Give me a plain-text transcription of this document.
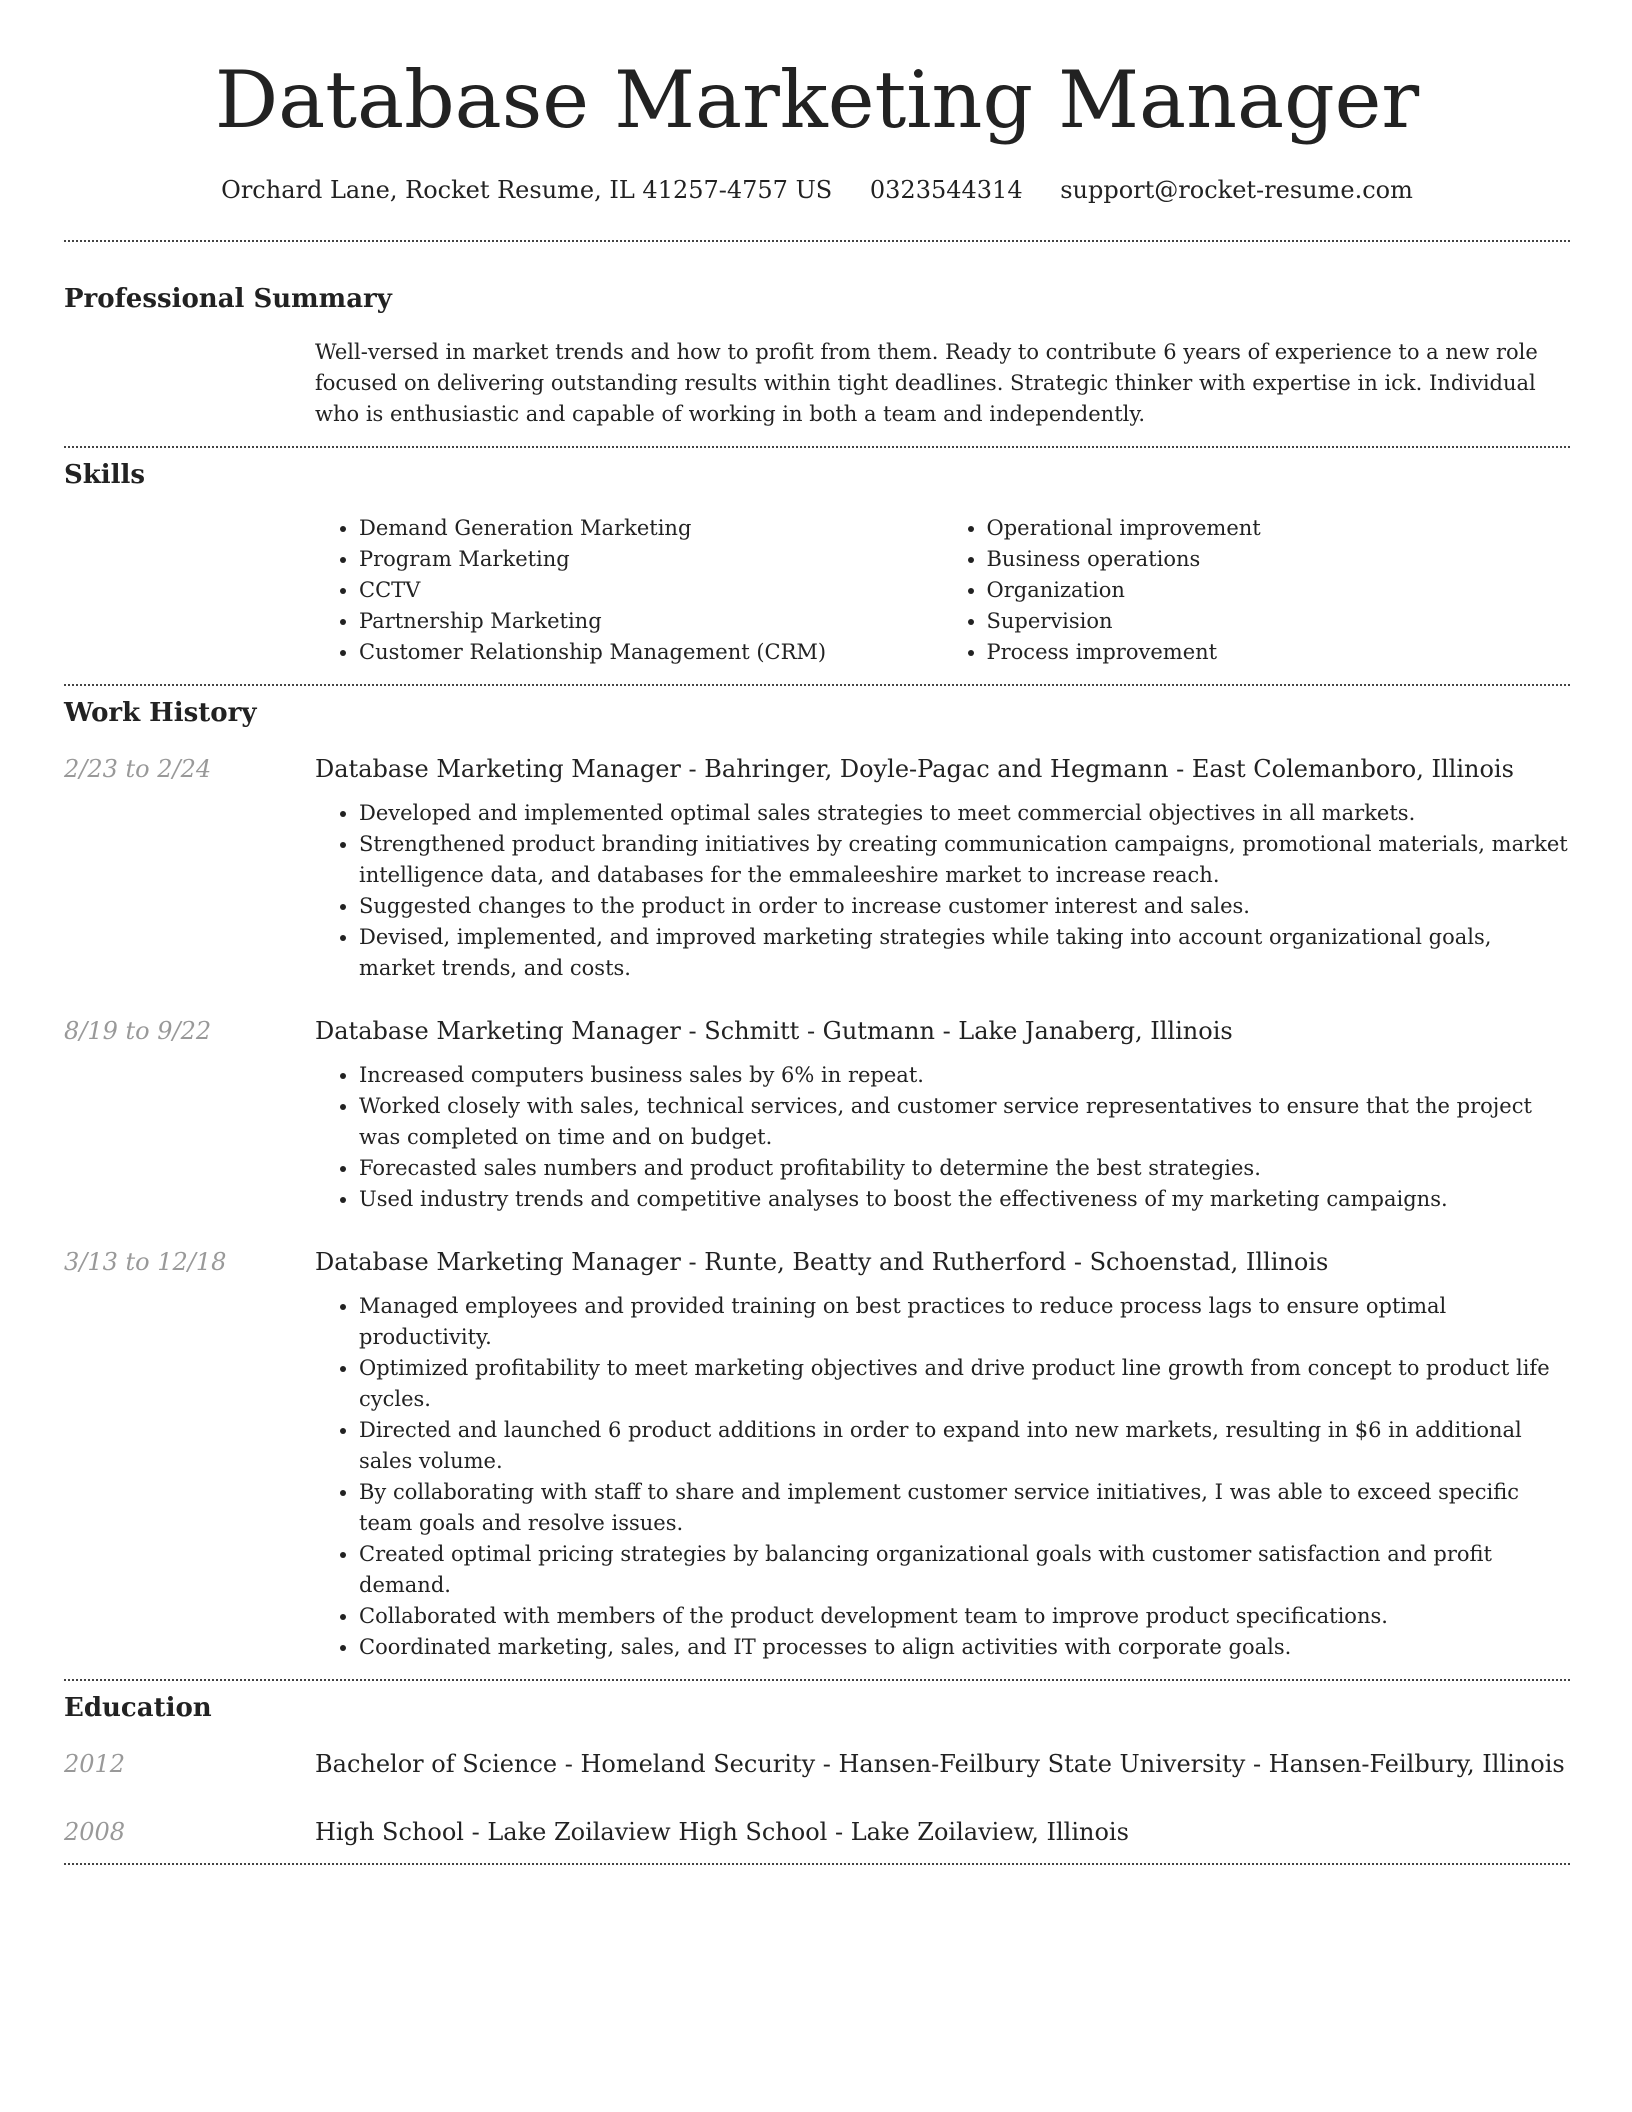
Database Marketing Manager
Orchard Lane, Rocket Resume, IL 41257-4757 US 0323544314 support@rocket-resume.com
Professional Summary
Well-versed in market trends and how to profit from them. Ready to contribute 6 years of experience to a new role focused on delivering outstanding results within tight deadlines. Strategic thinker with expertise in ick. Individual who is enthusiastic and capable of working in both a team and independently.
Skills
• Demand Generation Marketing
• Program Marketing
• CCTV
• Partnership Marketing
• Customer Relationship Management (CRM)
• Operational improvement
• Business operations
• Organization
• Supervision
• Process improvement
Work History
2/23 to 2/24	Database Marketing Manager - Bahringer, Doyle-Pagac and Hegmann - East Colemanboro, Illinois
• Developed and implemented optimal sales strategies to meet commercial objectives in all markets.
• Strengthened product branding initiatives by creating communication campaigns, promotional materials, market intelligence data, and databases for the emmaleeshire market to increase reach.
• Suggested changes to the product in order to increase customer interest and sales.
• Devised, implemented, and improved marketing strategies while taking into account organizational goals, market trends, and costs.
8/19 to 9/22	Database Marketing Manager - Schmitt - Gutmann - Lake Janaberg, Illinois
• Increased computers business sales by 6% in repeat.
• Worked closely with sales, technical services, and customer service representatives to ensure that the project was completed on time and on budget.
• Forecasted sales numbers and product profitability to determine the best strategies.
• Used industry trends and competitive analyses to boost the effectiveness of my marketing campaigns.
3/13 to 12/18	Database Marketing Manager - Runte, Beatty and Rutherford - Schoenstad, Illinois
• Managed employees and provided training on best practices to reduce process lags to ensure optimal productivity.
• Optimized profitability to meet marketing objectives and drive product line growth from concept to product life cycles.
• Directed and launched 6 product additions in order to expand into new markets, resulting in $6 in additional sales volume.
• By collaborating with staff to share and implement customer service initiatives, I was able to exceed specific team goals and resolve issues.
• Created optimal pricing strategies by balancing organizational goals with customer satisfaction and profit demand.
• Collaborated with members of the product development team to improve product specifications.
• Coordinated marketing, sales, and IT processes to align activities with corporate goals.
Education
2012	Bachelor of Science - Homeland Security - Hansen-Feilbury State University - Hansen-Feilbury, Illinois
2008	High School - Lake Zoilaview High School - Lake Zoilaview, Illinois
